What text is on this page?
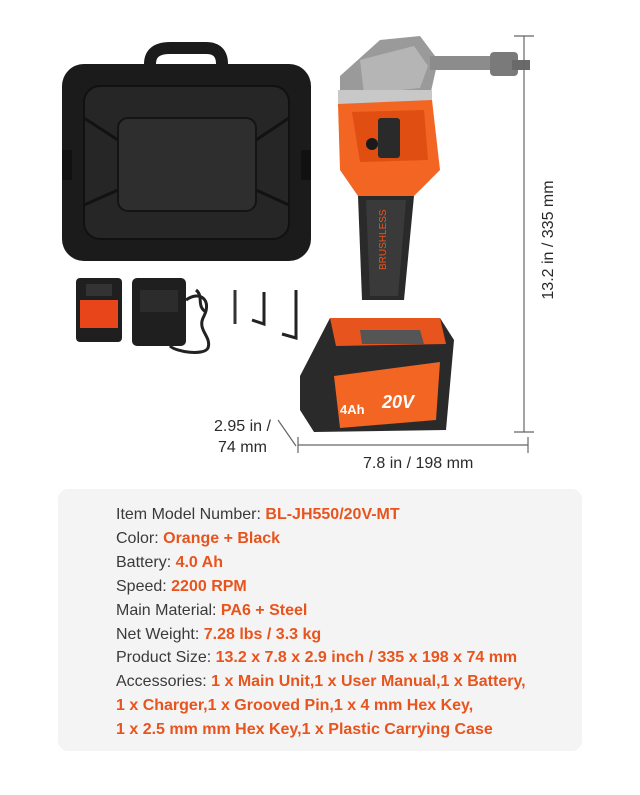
BRUSHLESS
4Ah 20V
13.2 in / 335 mm
2.95 in /
74 mm
7.8 in / 198 mm
Item Model Number: BL-JH550/20V-MT
Color: Orange + Black
Battery: 4.0 Ah
Speed: 2200 RPM
Main Material: PA6 + Steel
Net Weight: 7.28 lbs / 3.3 kg
Product Size: 13.2 x 7.8 x 2.9 inch / 335 x 198 x 74 mm
Accessories: 1 x Main Unit,1 x User Manual,1 x Battery,
1 x Charger,1 x Grooved Pin,1 x 4 mm Hex Key,
1 x 2.5 mm mm Hex Key,1 x Plastic Carrying Case
